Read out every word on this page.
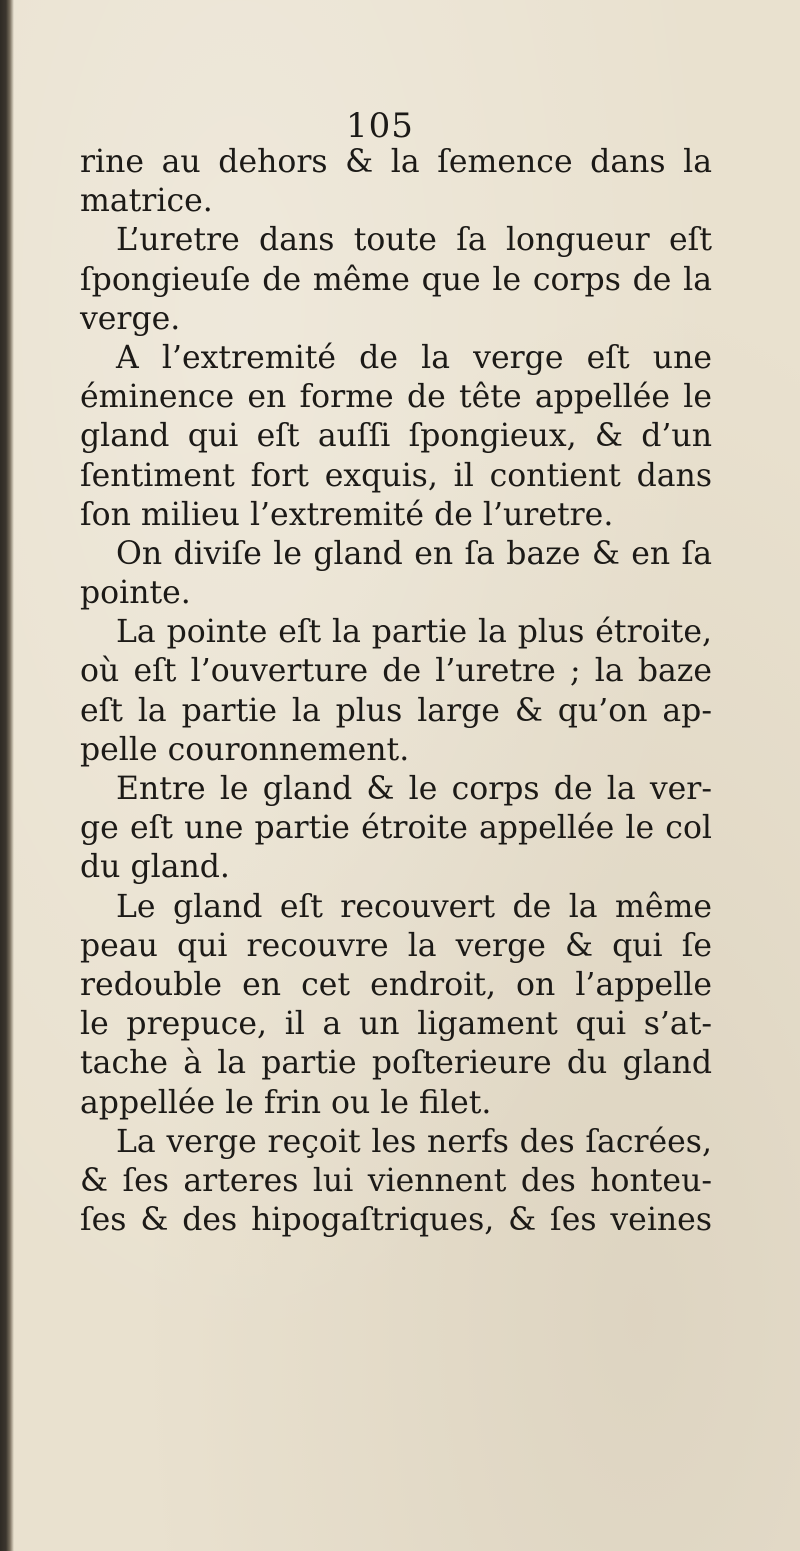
105
rine au dehors & la ſemence dans la
matrice.
L’uretre dans toute ſa longueur eſt
ſpongieuſe de même que le corps de la
verge.
A l’extremité de la verge eſt une
éminence en forme de tête appellée le
gland qui eſt auſſi ſpongieux, & d’un
ſentiment fort exquis, il contient dans
ſon milieu l’extremité de l’uretre.
On diviſe le gland en ſa baze & en ſa
pointe.
La pointe eſt la partie la plus étroite,
où eſt l’ouverture de l’uretre ; la baze
eſt la partie la plus large & qu’on ap-
pelle couronnement.
Entre le gland & le corps de la ver-
ge eſt une partie étroite appellée le col
du gland.
Le gland eſt recouvert de la même
peau qui recouvre la verge & qui ſe
redouble en cet endroit, on l’appelle
le prepuce, il a un ligament qui s’at-
tache à la partie poſterieure du gland
appellée le frin ou le filet.
La verge reçoit les nerfs des ſacrées,
& ſes arteres lui viennent des honteu-
ſes & des hipogaſtriques, & ſes veines
